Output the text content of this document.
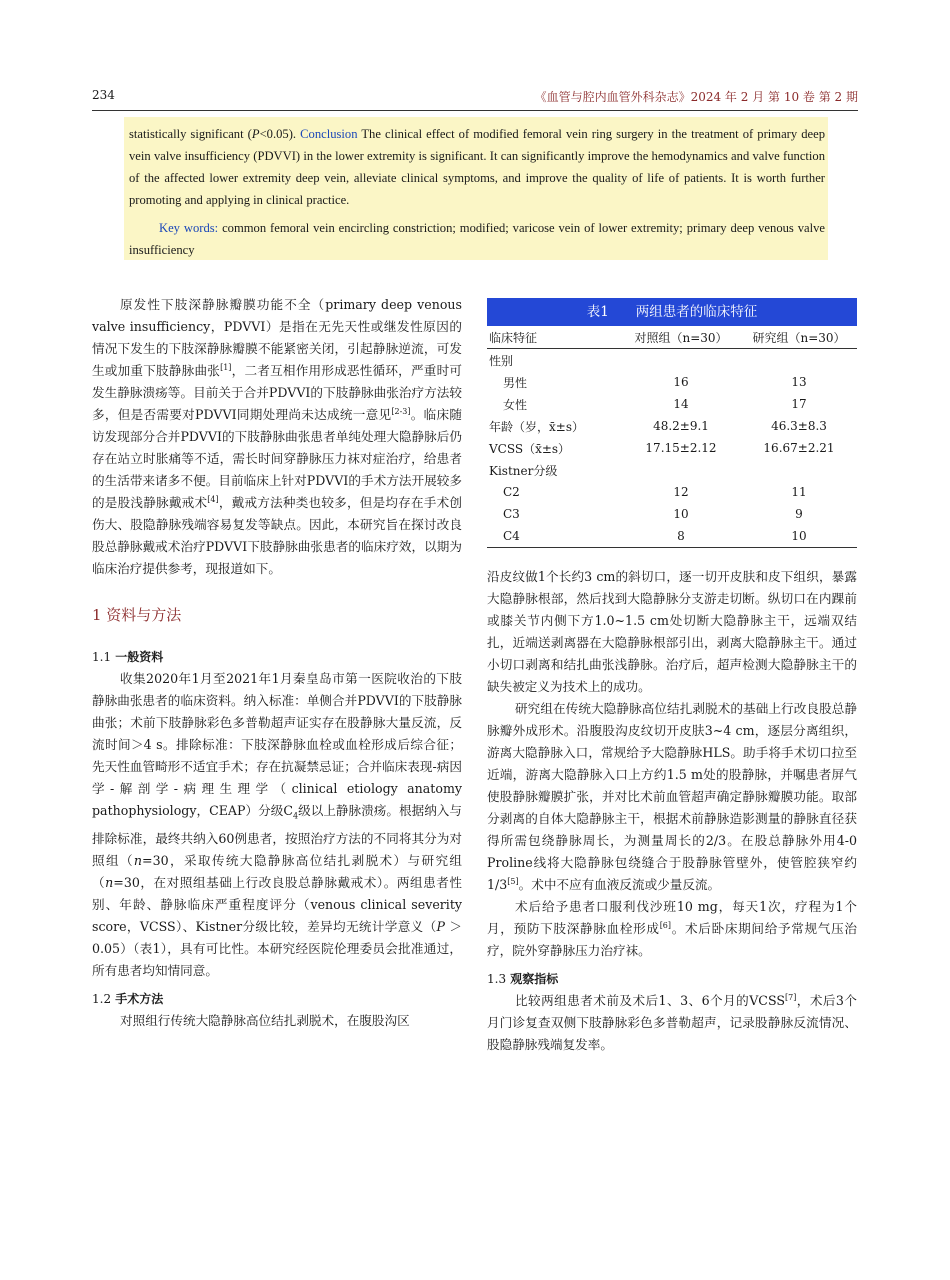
234	《血管与腔内血管外科杂志》2024 年 2 月 第 10 卷 第 2 期

statistically significant (P<0.05). Conclusion The clinical effect of modified femoral vein ring surgery in the treatment of primary deep vein valve insufficiency (PDVVI) in the lower extremity is significant. It can significantly improve the hemodynamics and valve function of the affected lower extremity deep vein, alleviate clinical symptoms, and improve the quality of life of patients. It is worth further promoting and applying in clinical practice.

Key words: common femoral vein encircling constriction; modified; varicose vein of lower extremity; primary deep venous valve insufficiency

原发性下肢深静脉瓣膜功能不全（primary deep venous valve insufficiency，PDVVI）是指在无先天性或继发性原因的情况下发生的下肢深静脉瓣膜不能紧密关闭，引起静脉逆流，可发生或加重下肢静脉曲张[1]，二者互相作用形成恶性循环，严重时可发生静脉溃疡等。目前关于合并PDVVI的下肢静脉曲张治疗方法较多，但是否需要对PDVVI同期处理尚未达成统一意见[2-3]。临床随访发现部分合并PDVVI的下肢静脉曲张患者单纯处理大隐静脉后仍存在站立时胀痛等不适，需长时间穿静脉压力袜对症治疗，给患者的生活带来诸多不便。目前临床上针对PDVVI的手术方法开展较多的是股浅静脉戴戒术[4]，戴戒方法种类也较多，但是均存在手术创伤大、股隐静脉残端容易复发等缺点。因此，本研究旨在探讨改良股总静脉戴戒术治疗PDVVI下肢静脉曲张患者的临床疗效，以期为临床治疗提供参考，现报道如下。

1 资料与方法

1.1 一般资料

收集2020年1月至2021年1月秦皇岛市第一医院收治的下肢静脉曲张患者的临床资料。纳入标准：单侧合并PDVVI的下肢静脉曲张；术前下肢静脉彩色多普勒超声证实存在股静脉大量反流，反流时间＞4 s。排除标准：下肢深静脉血栓或血栓形成后综合征；先天性血管畸形不适宜手术；存在抗凝禁忌证；合并临床表现-病因学-解剖学-病理生理学（clinical etiology anatomy pathophysiology，CEAP）分级$C_4$级以上静脉溃疡。根据纳入与排除标准，最终共纳入60例患者，按照治疗方法的不同将其分为对照组（n=30，采取传统大隐静脉高位结扎剥脱术）与研究组（n=30，在对照组基础上行改良股总静脉戴戒术）。两组患者性别、年龄、静脉临床严重程度评分（venous clinical severity score，VCSS）、Kistner分级比较，差异均无统计学意义（P ＞ 0.05）（表1），具有可比性。本研究经医院伦理委员会批准通过，所有患者均知情同意。

1.2 手术方法

对照组行传统大隐静脉高位结扎剥脱术，在腹股沟区

表1　　两组患者的临床特征
临床特征	对照组（n=30）	研究组（n=30）
性别		
男性	16	13
女性	14	17
年龄（岁，x̄±s）	48.2±9.1	46.3±8.3
VCSS（x̄±s）	17.15±2.12	16.67±2.21
Kistner分级		
C2	12	11
C3	10	9
C4	8	10

沿皮纹做1个长约3 cm的斜切口，逐一切开皮肤和皮下组织，暴露大隐静脉根部，然后找到大隐静脉分支游走切断。纵切口在内踝前或膝关节内侧下方1.0~1.5 cm处切断大隐静脉主干，远端双结扎，近端送剥离器在大隐静脉根部引出，剥离大隐静脉主干。通过小切口剥离和结扎曲张浅静脉。治疗后，超声检测大隐静脉主干的缺失被定义为技术上的成功。

研究组在传统大隐静脉高位结扎剥脱术的基础上行改良股总静脉瓣外成形术。沿腹股沟皮纹切开皮肤3~4 cm，逐层分离组织，游离大隐静脉入口，常规给予大隐静脉HLS。助手将手术切口拉至近端，游离大隐静脉入口上方约1.5 m处的股静脉，并嘱患者屏气使股静脉瓣膜扩张，并对比术前血管超声确定静脉瓣膜功能。取部分剥离的自体大隐静脉主干，根据术前静脉造影测量的静脉直径获得所需包绕静脉周长，为测量周长的2/3。在股总静脉外用4-0 Proline线将大隐静脉包绕缝合于股静脉管壁外，使管腔狭窄约1/3[5]。术中不应有血液反流或少量反流。

术后给予患者口服利伐沙班10 mg，每天1次，疗程为1个月，预防下肢深静脉血栓形成[6]。术后卧床期间给予常规气压治疗，院外穿静脉压力治疗袜。

1.3 观察指标

比较两组患者术前及术后1、3、6个月的VCSS[7]，术后3个月门诊复查双侧下肢静脉彩色多普勒超声，记录股静脉反流情况、股隐静脉残端复发率。
